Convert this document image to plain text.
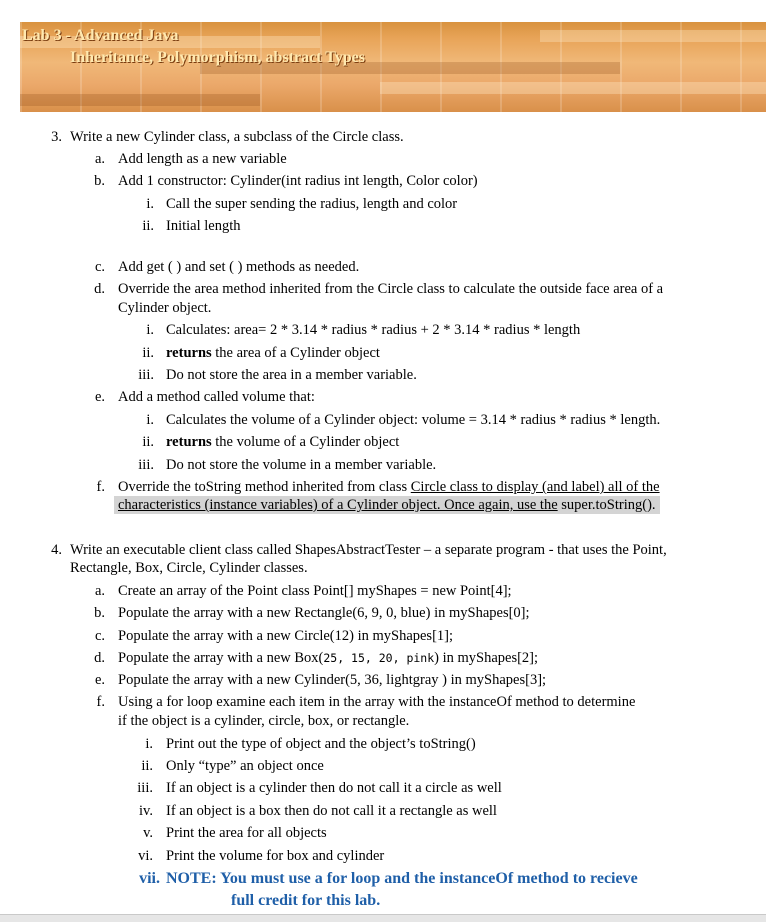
Lab 3 - Advanced Java
Inheritance, Polymorphism, abstract Types
3. Write a new Cylinder class, a subclass of the Circle class.
a. Add length as a new variable
b. Add 1 constructor: Cylinder(int radius int length, Color color)
i. Call the super sending the radius, length and color
ii. Initial length
c. Add get ( ) and set ( ) methods as needed.
d. Override the area method inherited from the Circle class to calculate the outside face area of a
Cylinder object.
i. Calculates: area= 2 * 3.14 * radius * radius + 2 * 3.14 * radius * length
ii. returns the area of a Cylinder object
iii. Do not store the area in a member variable.
e. Add a method called volume that:
i. Calculates the volume of a Cylinder object: volume = 3.14 * radius * radius * length.
ii. returns the volume of a Cylinder object
iii. Do not store the volume in a member variable.
f. Override the toString method inherited from class Circle class to display (and label) all of the
characteristics (instance variables) of a Cylinder object. Once again, use the super.toString().
4. Write an executable client class called ShapesAbstractTester – a separate program - that uses the Point,
Rectangle, Box, Circle, Cylinder classes.
a. Create an array of the Point class Point[] myShapes = new Point[4];
b. Populate the array with a new Rectangle(6, 9, 0, blue) in myShapes[0];
c. Populate the array with a new Circle(12) in myShapes[1];
d. Populate the array with a new Box(25, 15, 20, pink) in myShapes[2];
e. Populate the array with a new Cylinder(5, 36, lightgray ) in myShapes[3];
f. Using a for loop examine each item in the array with the instanceOf method to determine
if the object is a cylinder, circle, box, or rectangle.
i. Print out the type of object and the object’s toString()
ii. Only “type” an object once
iii. If an object is a cylinder then do not call it a circle as well
iv. If an object is a box then do not call it a rectangle as well
v. Print the area for all objects
vi. Print the volume for box and cylinder
vii. NOTE: You must use a for loop and the instanceOf method to recieve
full credit for this lab.
